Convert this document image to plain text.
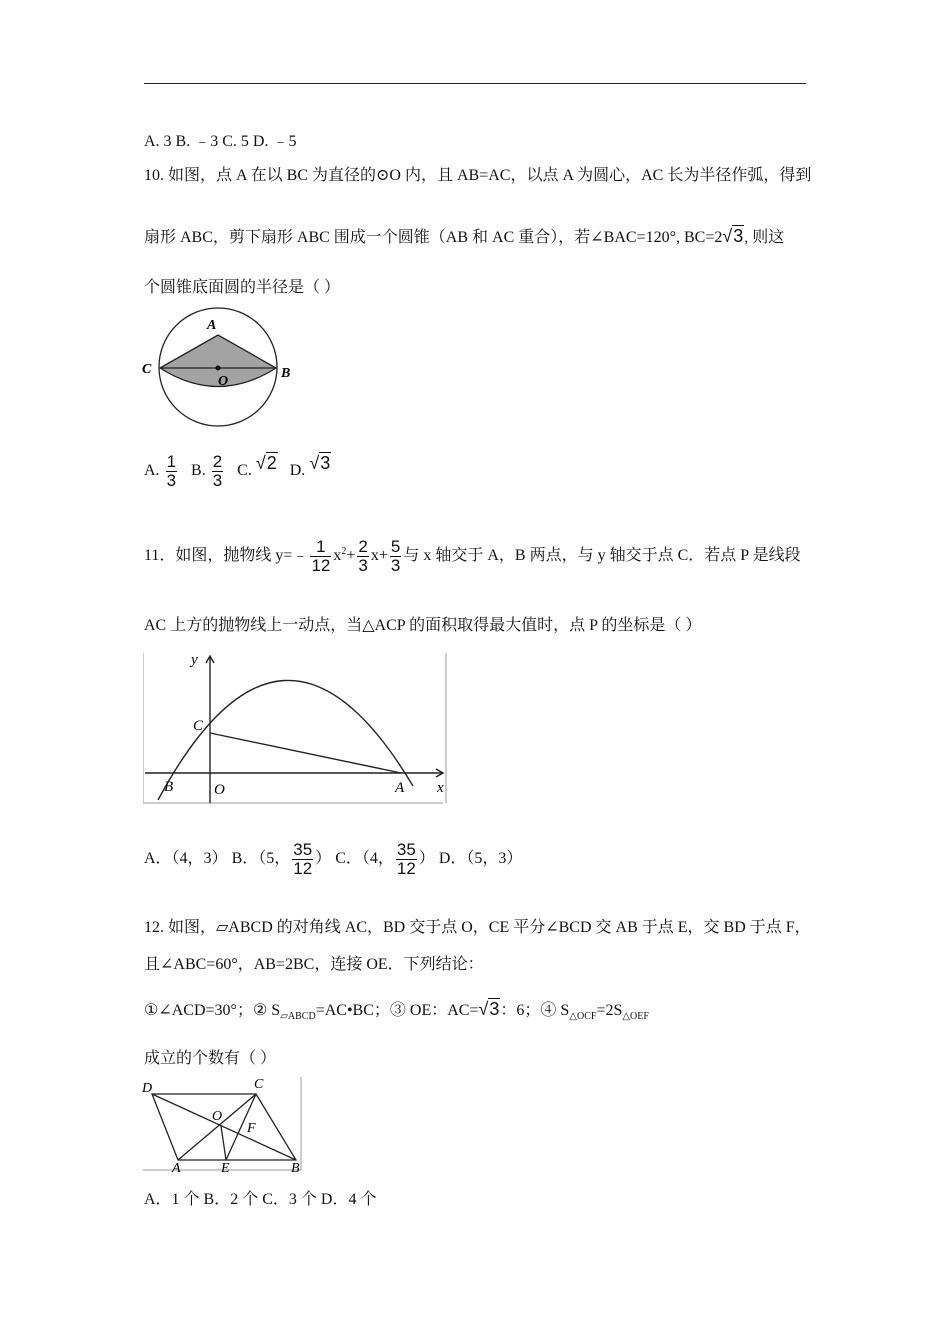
A. 3 B. ﹣3 C. 5 D. ﹣5
10. 如图，点 A 在以 BC 为直径的⊙O 内，且 AB=AC，以点 A 为圆心，AC 长为半径作弧，得到
扇形 ABC，剪下扇形 ABC 围成一个圆锥（AB 和 AC 重合），若∠BAC=120°, BC=2√3, 则这
个圆锥底面圆的半径是（ ）
A
C	B
O
A. $\frac{1}{3} B$. $\frac{2}{3} C$. √2 D. √3
11．如图，抛物线 y=﹣ $\frac{1}{12} x^2+ \frac{2}{3} x+ \frac{5}{3}$ 与 x 轴交于 A，B 两点，与 y 轴交于点 C．若点 P 是线段
AC 上方的抛物线上一动点，当△ACP 的面积取得最大值时，点 P 的坐标是（ ）
y
x
C
B	O	A
A．（4，3） B．（5， $\frac{35}{12}$ ） C．（4， $\frac{35}{12}$ ） D．（5，3）
12. 如图，▱ABCD 的对角线 AC，BD 交于点 O，CE 平分∠BCD 交 AB 于点 E，交 BD 于点 F，
且∠ABC=60°，AB=2BC，连接 OE．下列结论：
①∠ACD=30°；② $S_{▱ABCD}=AC•BC$；③ OE：AC=√3：6；④ $S_{\triangle OCF}=2S_{\triangle OEF}$
成立的个数有（ ）
D	C
O
F
A	E	B
A．1 个 B．2 个 C．3 个 D．4 个
